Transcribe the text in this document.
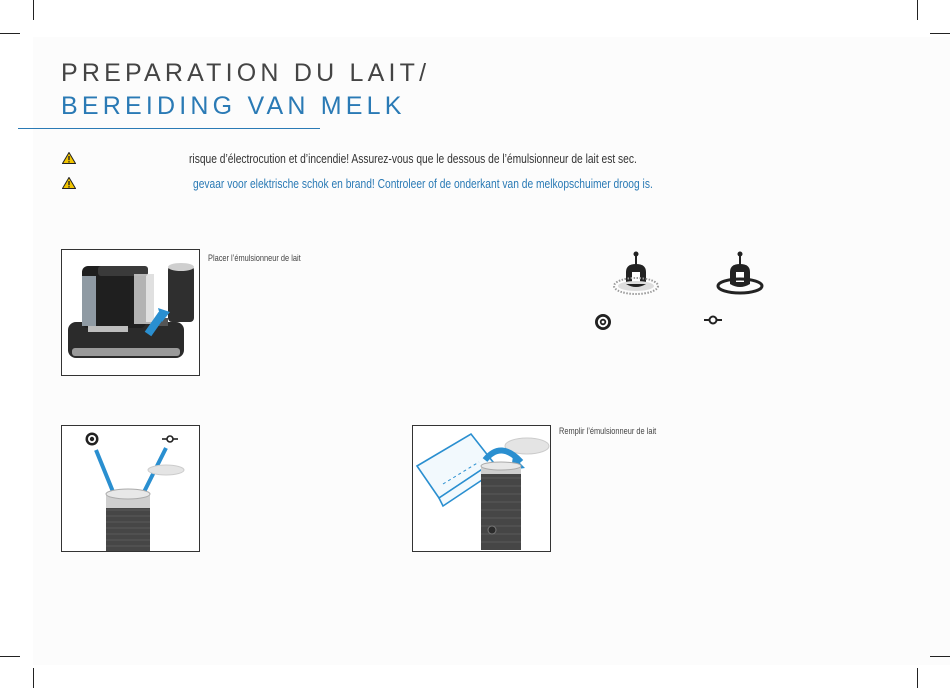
PREPARATION DU LAIT/
BEREIDING VAN MELK
risque d’électrocution et d’incendie! Assurez-vous que le dessous de l’émulsionneur de lait est sec.
gevaar voor elektrische schok en brand! Controleer of de onderkant van de melkopschuimer droog is.
Placer l’émulsionneur de lait
Remplir l’émulsionneur de lait
